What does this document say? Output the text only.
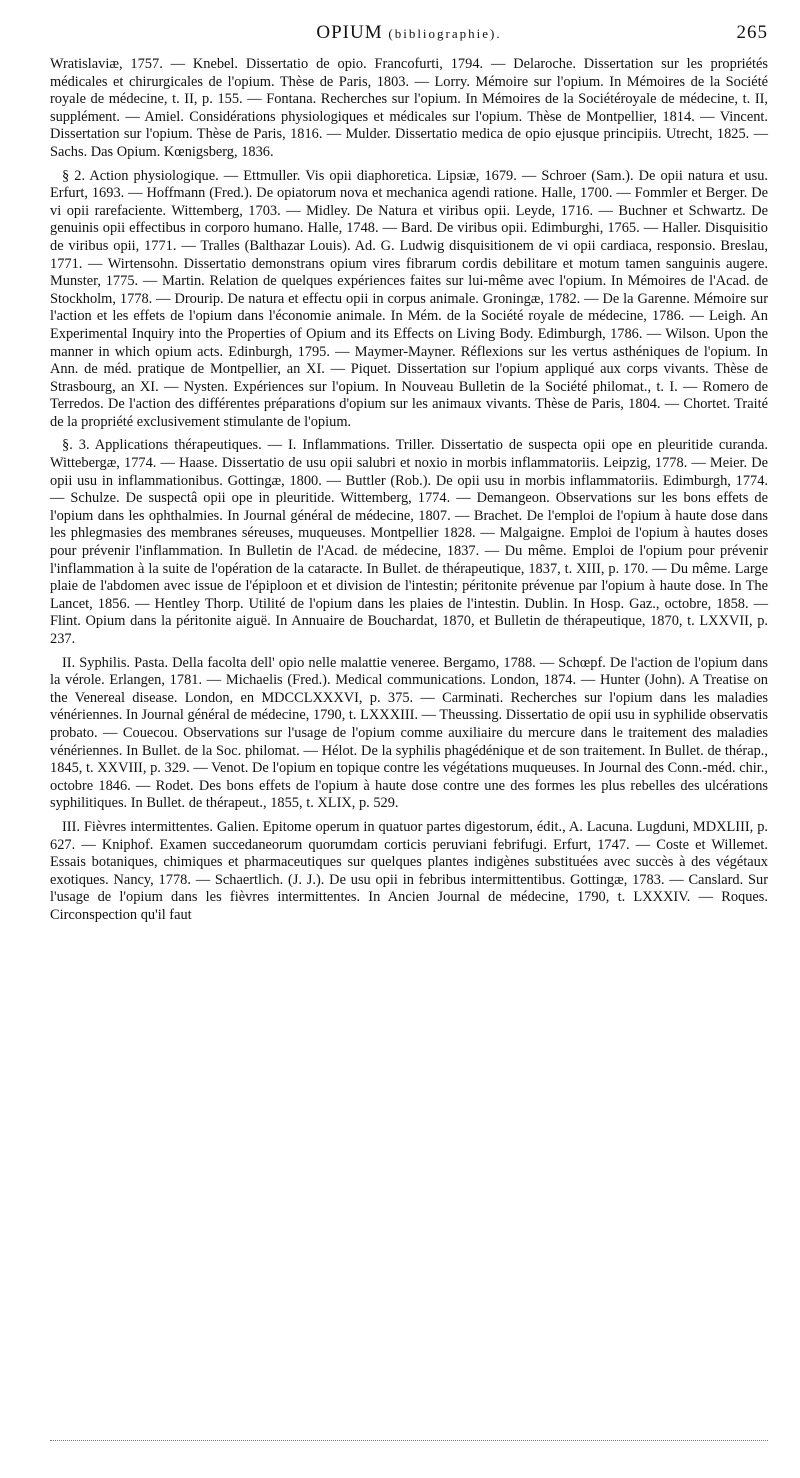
OPIUM (bibliographie).	265

Wratislaviæ, 1757. — Knebel. Dissertatio de opio. Francofurti, 1794. — Delaroche. Dissertation sur les propriétés médicales et chirurgicales de l'opium. Thèse de Paris, 1803. — Lorry. Mémoire sur l'opium. In Mémoires de la Société royale de médecine, t. II, p. 155. — Fontana. Recherches sur l'opium. In Mémoires de la Sociétéroyale de médecine, t. II, supplément. — Amiel. Considérations physiologiques et médicales sur l'opium. Thèse de Montpellier, 1814. — Vincent. Dissertation sur l'opium. Thèse de Paris, 1816. — Mulder. Dissertatio medica de opio ejusque principiis. Utrecht, 1825. — Sachs. Das Opium. Kœnigsberg, 1836.

§ 2. Action physiologique. — Ettmuller. Vis opii diaphoretica. Lipsiæ, 1679. — Schroer (Sam.). De opii natura et usu. Erfurt, 1693. — Hoffmann (Fred.). De opiatorum nova et mechanica agendi ratione. Halle, 1700. — Fommler et Berger. De vi opii rarefaciente. Wittemberg, 1703. — Midley. De Natura et viribus opii. Leyde, 1716. — Buchner et Schwartz. De genuinis opii effectibus in corporo humano. Halle, 1748. — Bard. De viribus opii. Edimburghi, 1765. — Haller. Disquisitio de viribus opii, 1771. — Tralles (Balthazar Louis). Ad. G. Ludwig disquisitionem de vi opii cardiaca, responsio. Breslau, 1771. — Wirtensohn. Dissertatio demonstrans opium vires fibrarum cordis debilitare et motum tamen sanguinis augere. Munster, 1775. — Martin. Relation de quelques expériences faites sur lui-même avec l'opium. In Mémoires de l'Acad. de Stockholm, 1778. — Drourip. De natura et effectu opii in corpus animale. Groningæ, 1782. — De la Garenne. Mémoire sur l'action et les effets de l'opium dans l'économie animale. In Mém. de la Société royale de médecine, 1786. — Leigh. An Experimental Inquiry into the Properties of Opium and its Effects on Living Body. Edimburgh, 1786. — Wilson. Upon the manner in which opium acts. Edinburgh, 1795. — Maymer-Mayner. Réflexions sur les vertus asthéniques de l'opium. In Ann. de méd. pratique de Montpellier, an XI. — Piquet. Dissertation sur l'opium appliqué aux corps vivants. Thèse de Strasbourg, an XI. — Nysten. Expériences sur l'opium. In Nouveau Bulletin de la Société philomat., t. I. — Romero de Terredos. De l'action des différentes préparations d'opium sur les animaux vivants. Thèse de Paris, 1804. — Chortet. Traité de la propriété exclusivement stimulante de l'opium.

§. 3. Applications thérapeutiques. — I. Inflammations. Triller. Dissertatio de suspecta opii ope en pleuritide curanda. Wittebergæ, 1774. — Haase. Dissertatio de usu opii salubri et noxio in morbis inflammatoriis. Leipzig, 1778. — Meier. De opii usu in inflammationibus. Gottingæ, 1800. — Buttler (Rob.). De opii usu in morbis inflammatoriis. Edimburgh, 1774. — Schulze. De suspectâ opii ope in pleuritide. Wittemberg, 1774. — Demangeon. Observations sur les bons effets de l'opium dans les ophthalmies. In Journal général de médecine, 1807. — Brachet. De l'emploi de l'opium à haute dose dans les phlegmasies des membranes séreuses, muqueuses. Montpellier 1828. — Malgaigne. Emploi de l'opium à hautes doses pour prévenir l'inflammation. In Bulletin de l'Acad. de médecine, 1837. — Du même. Emploi de l'opium pour prévenir l'inflammation à la suite de l'opération de la cataracte. In Bullet. de thérapeutique, 1837, t. XIII, p. 170. — Du même. Large plaie de l'abdomen avec issue de l'épiploon et et division de l'intestin; péritonite prévenue par l'opium à haute dose. In The Lancet, 1856. — Hentley Thorp. Utilité de l'opium dans les plaies de l'intestin. Dublin. In Hosp. Gaz., octobre, 1858. — Flint. Opium dans la péritonite aiguë. In Annuaire de Bouchardat, 1870, et Bulletin de thérapeutique, 1870, t. LXXVII, p. 237.

II. Syphilis. Pasta. Della facolta dell' opio nelle malattie veneree. Bergamo, 1788. — Schœpf. De l'action de l'opium dans la vérole. Erlangen, 1781. — Michaelis (Fred.). Medical communications. London, 1874. — Hunter (John). A Treatise on the Venereal disease. London, en MDCCLXXXVI, p. 375. — Carminati. Recherches sur l'opium dans les maladies vénériennes. In Journal général de médecine, 1790, t. LXXXIII. — Theussing. Dissertatio de opii usu in syphilide observatis probato. — Couecou. Observations sur l'usage de l'opium comme auxiliaire du mercure dans le traitement des maladies vénériennes. In Bullet. de la Soc. philomat. — Hélot. De la syphilis phagédénique et de son traitement. In Bullet. de thérap., 1845, t. XXVIII, p. 329. — Venot. De l'opium en topique contre les végétations muqueuses. In Journal des Conn.-méd. chir., octobre 1846. — Rodet. Des bons effets de l'opium à haute dose contre une des formes les plus rebelles des ulcérations syphilitiques. In Bullet. de thérapeut., 1855, t. XLIX, p. 529.

III. Fièvres intermittentes. Galien. Epitome operum in quatuor partes digestorum, édit., A. Lacuna. Lugduni, MDXLIII, p. 627. — Kniphof. Examen succedaneorum quorumdam corticis peruviani febrifugi. Erfurt, 1747. — Coste et Willemet. Essais botaniques, chimiques et pharmaceutiques sur quelques plantes indigènes substituées avec succès à des végétaux exotiques. Nancy, 1778. — Schaertlich. (J. J.). De usu opii in febribus intermittentibus. Gottingæ, 1783. — Canslard. Sur l'usage de l'opium dans les fièvres intermittentes. In Ancien Journal de médecine, 1790, t. LXXXIV. — Roques. Circonspection qu'il faut
